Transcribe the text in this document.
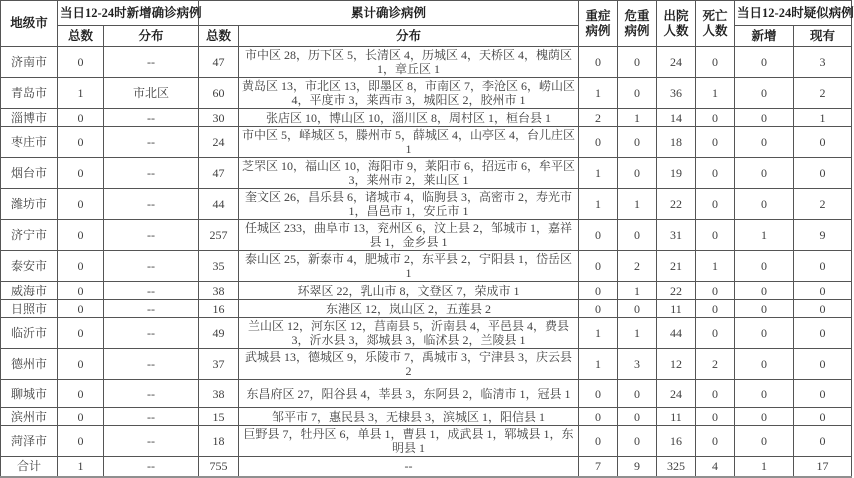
地级市	当日12-24时新增确诊病例		累计确诊病例		重症病例	危重病例	出院人数	死亡人数	当日12-24时疑似病例	
	总数	分布	总数	分布					新增	现有
济南市	0	--	47	市中区 28，历下区 5，长清区 4，历城区 4，天桥区 4，槐荫区 1，章丘区 1	0	0	24	0	0	3
青岛市	1	市北区	60	黄岛区 13，市北区 13，即墨区 8，市南区 7，李沧区 6，崂山区 4，平度市 3，莱西市 3，城阳区 2，胶州市 1	1	0	36	1	0	2
淄博市	0	--	30	张店区 10，博山区 10，淄川区 8，周村区 1，桓台县 1	2	1	14	0	0	1
枣庄市	0	--	24	市中区 5，峄城区 5，滕州市 5，薛城区 4，山亭区 4，台儿庄区 1	0	0	18	0	0	0
烟台市	0	--	47	芝罘区 10，福山区 10，海阳市 9，莱阳市 6，招远市 6，牟平区 3，莱州市 2，莱山区 1	1	0	19	0	0	0
潍坊市	0	--	44	奎文区 26，昌乐县 6，诸城市 4，临朐县 3，高密市 2，寿光市 1，昌邑市 1，安丘市 1	1	1	22	0	0	2
济宁市	0	--	257	任城区 233，曲阜市 13，兖州区 6，汶上县 2，邹城市 1，嘉祥县 1，金乡县 1	0	0	31	0	1	9
泰安市	0	--	35	泰山区 25，新泰市 4，肥城市 2，东平县 2，宁阳县 1，岱岳区 1	0	2	21	1	0	0
威海市	0	--	38	环翠区 22，乳山市 8，文登区 7，荣成市 1	0	1	22	0	0	0
日照市	0	--	16	东港区 12，岚山区 2，五莲县 2	0	0	11	0	0	0
临沂市	0	--	49	兰山区 12，河东区 12，莒南县 5，沂南县 4，平邑县 4，费县 3，沂水县 3，郯城县 3，临沭县 2，兰陵县 1	1	1	44	0	0	0
德州市	0	--	37	武城县 13，德城区 9，乐陵市 7，禹城市 3，宁津县 3，庆云县 2	1	3	12	2	0	0
聊城市	0	--	38	东昌府区 27，阳谷县 4，莘县 3，东阿县 2，临清市 1，冠县 1	0	0	24	0	0	0
滨州市	0	--	15	邹平市 7，惠民县 3，无棣县 3，滨城区 1，阳信县 1	0	0	11	0	0	0
菏泽市	0	--	18	巨野县 7，牡丹区 6，单县 1，曹县 1，成武县 1，郓城县 1，东明县 1	0	0	16	0	0	0
合计	1	--	755	--	7	9	325	4	1	17
